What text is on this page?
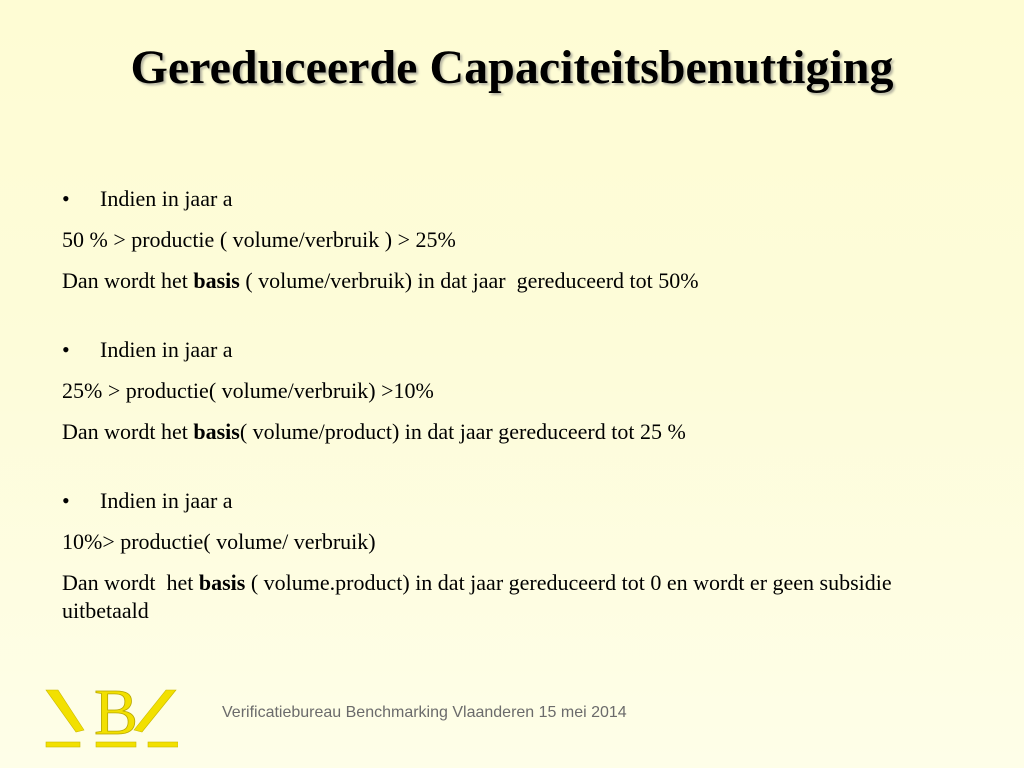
Gereduceerde Capaciteitsbenuttiging
•	Indien in jaar a
50 % > productie ( volume/verbruik ) > 25%
Dan wordt het basis ( volume/verbruik) in dat jaar  gereduceerd tot 50%
•	Indien in jaar a
25% > productie( volume/verbruik) >10%
Dan wordt het basis( volume/product) in dat jaar gereduceerd tot 25 %
•	Indien in jaar a
10%> productie( volume/ verbruik)
Dan wordt  het basis ( volume.product) in dat jaar gereduceerd tot 0 en wordt er geen subsidie uitbetaald
B	Verificatiebureau Benchmarking Vlaanderen 15 mei 2014
